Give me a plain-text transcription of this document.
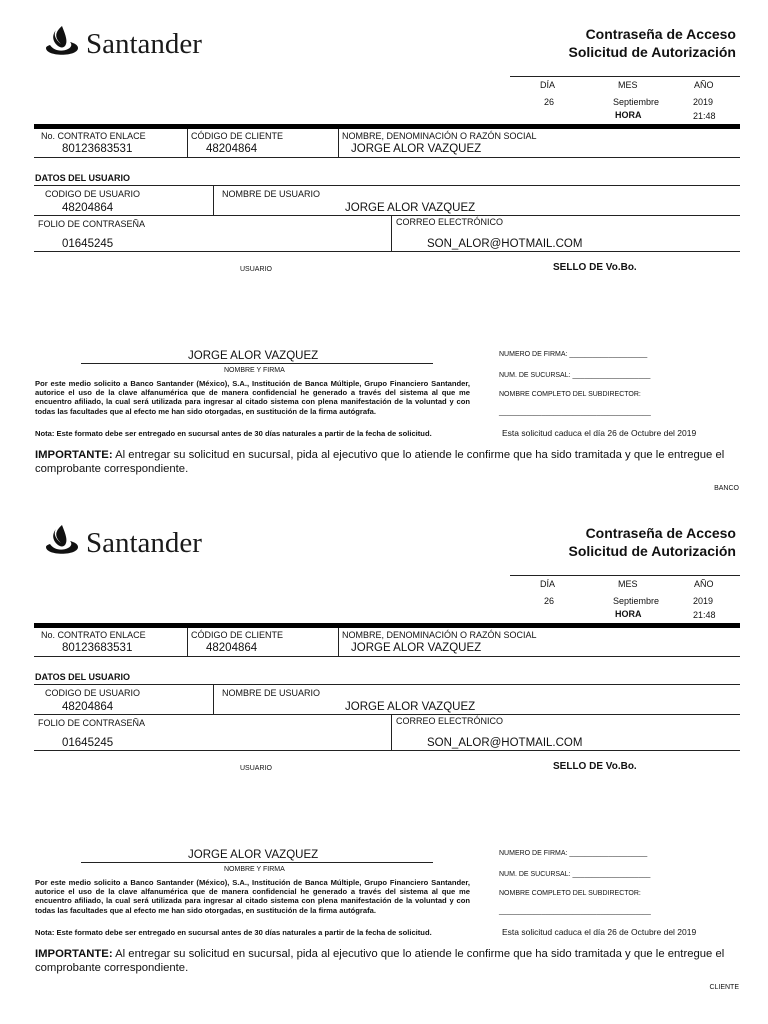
Santander	Contraseña de Acceso
Solicitud de Autorización
DÍA	MES	AÑO
26	Septiembre	2019
HORA	21:48
No. CONTRATO ENLACE
80123683531
CÓDIGO DE CLIENTE
48204864
NOMBRE, DENOMINACIÓN O RAZÓN SOCIAL
JORGE ALOR VAZQUEZ
DATOS DEL USUARIO
CODIGO DE USUARIO
48204864
NOMBRE DE USUARIO
JORGE ALOR VAZQUEZ
FOLIO DE CONTRASEÑA
01645245
CORREO ELECTRÓNICO
SON_ALOR@HOTMAIL.COM
USUARIO	SELLO DE Vo.Bo.
JORGE ALOR VAZQUEZ
NOMBRE Y FIRMA
NUMERO DE FIRMA: ____________________
NUM. DE SUCURSAL: ____________________
NOMBRE COMPLETO DEL SUBDIRECTOR:
_______________________________________
Por este medio solicito a Banco Santander (México), S.A., Institución de Banca Múltiple, Grupo Financiero Santander, autorice el uso de la clave alfanumérica que de manera confidencial he generado a través del sistema al que me encuentro afiliado, la cual será utilizada para ingresar al citado sistema con plena manifestación de la voluntad y con todas las facultades que al efecto me han sido otorgadas, en sustitución de la firma autógrafa.
Nota: Este formato debe ser entregado en sucursal antes de 30 días naturales a partir de la fecha de solicitud.	Esta solicitud caduca el día 26 de Octubre del 2019
IMPORTANTE: Al entregar su solicitud en sucursal, pida al ejecutivo que lo atiende le confirme que ha sido tramitada y que le entregue el comprobante correspondiente.
BANCO
Santander	Contraseña de Acceso
Solicitud de Autorización
DÍA	MES	AÑO
26	Septiembre	2019
HORA	21:48
No. CONTRATO ENLACE
80123683531
CÓDIGO DE CLIENTE
48204864
NOMBRE, DENOMINACIÓN O RAZÓN SOCIAL
JORGE ALOR VAZQUEZ
DATOS DEL USUARIO
CODIGO DE USUARIO
48204864
NOMBRE DE USUARIO
JORGE ALOR VAZQUEZ
FOLIO DE CONTRASEÑA
01645245
CORREO ELECTRÓNICO
SON_ALOR@HOTMAIL.COM
USUARIO	SELLO DE Vo.Bo.
JORGE ALOR VAZQUEZ
NOMBRE Y FIRMA
NUMERO DE FIRMA: ____________________
NUM. DE SUCURSAL: ____________________
NOMBRE COMPLETO DEL SUBDIRECTOR:
_______________________________________
Por este medio solicito a Banco Santander (México), S.A., Institución de Banca Múltiple, Grupo Financiero Santander, autorice el uso de la clave alfanumérica que de manera confidencial he generado a través del sistema al que me encuentro afiliado, la cual será utilizada para ingresar al citado sistema con plena manifestación de la voluntad y con todas las facultades que al efecto me han sido otorgadas, en sustitución de la firma autógrafa.
Nota: Este formato debe ser entregado en sucursal antes de 30 días naturales a partir de la fecha de solicitud.	Esta solicitud caduca el día 26 de Octubre del 2019
IMPORTANTE: Al entregar su solicitud en sucursal, pida al ejecutivo que lo atiende le confirme que ha sido tramitada y que le entregue el comprobante correspondiente.
CLIENTE
